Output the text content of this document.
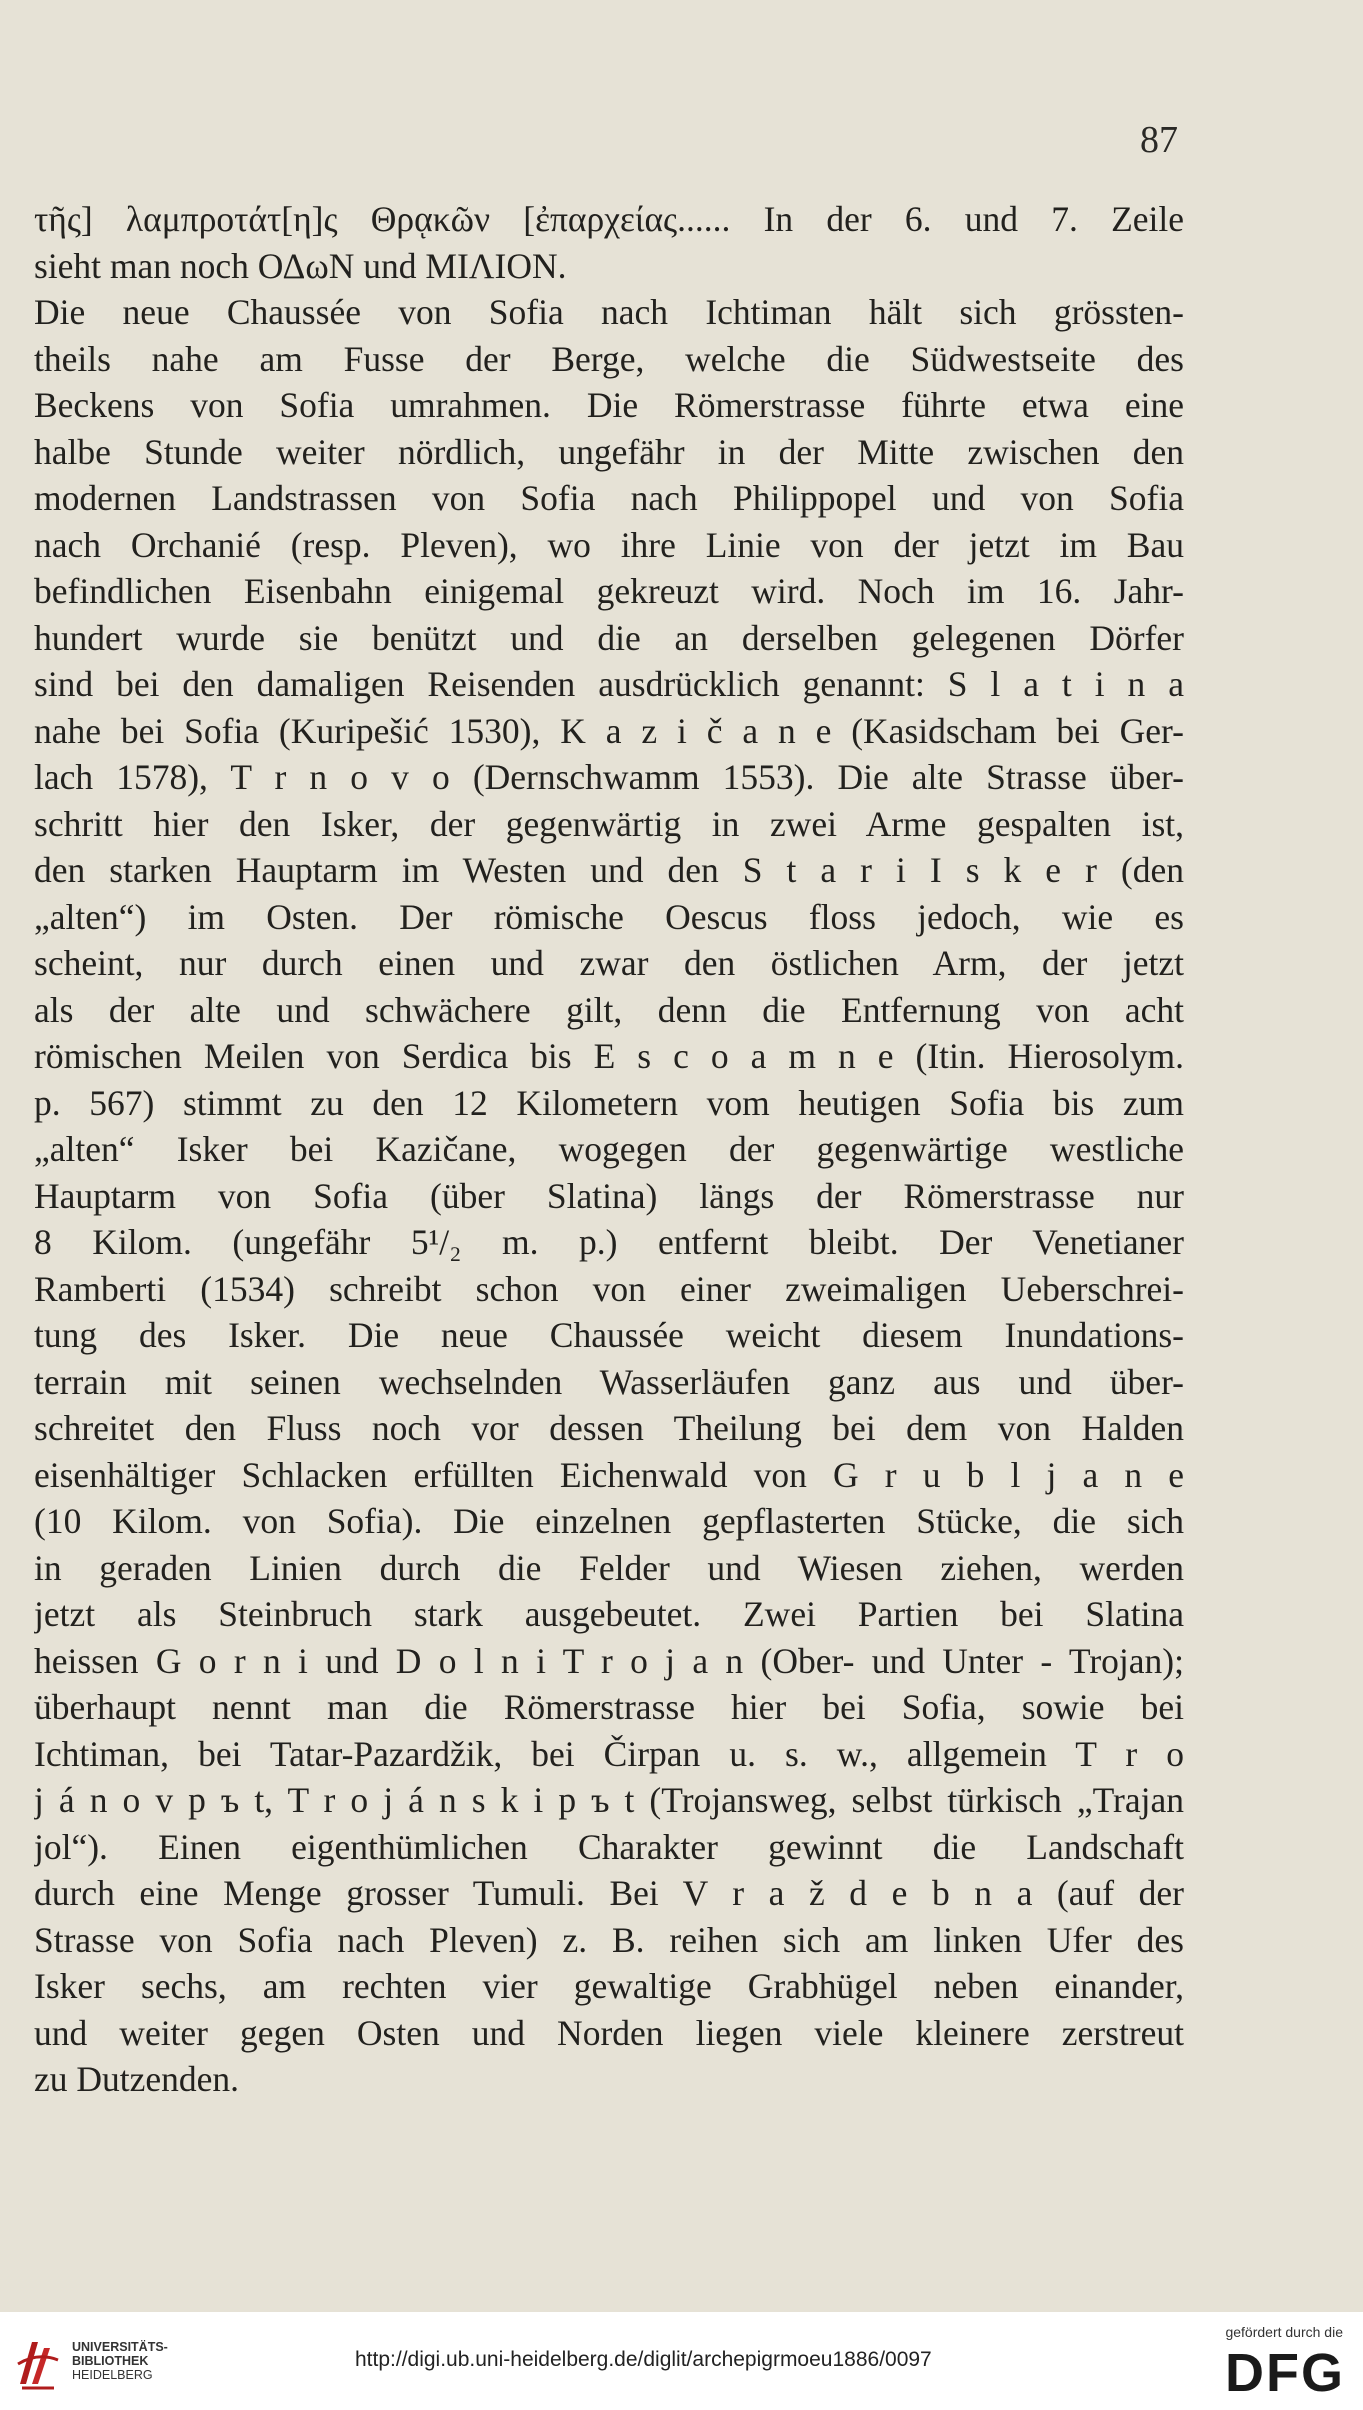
87
τῆς] λαμπροτάτ[η]ς Θρᾳκῶν [ἐπαρχείας...... In der 6. und 7. Zeile
sieht man noch ΟΔωΝ und ΜΙΛΙΟΝ.
Die neue Chaussée von Sofia nach Ichtiman hält sich grössten-
theils nahe am Fusse der Berge, welche die Südwestseite des
Beckens von Sofia umrahmen. Die Römerstrasse führte etwa eine
halbe Stunde weiter nördlich, ungefähr in der Mitte zwischen den
modernen Landstrassen von Sofia nach Philippopel und von Sofia
nach Orchanié (resp. Pleven), wo ihre Linie von der jetzt im Bau
befindlichen Eisenbahn einigemal gekreuzt wird. Noch im 16. Jahr-
hundert wurde sie benützt und die an derselben gelegenen Dörfer
sind bei den damaligen Reisenden ausdrücklich genannt: S l a t i n a
nahe bei Sofia (Kuripešić 1530), K a z i č a n e (Kasidscham bei Ger-
lach 1578), T r n o v o (Dernschwamm 1553). Die alte Strasse über-
schritt hier den Isker, der gegenwärtig in zwei Arme gespalten ist,
den starken Hauptarm im Westen und den S t a r i I s k e r (den
„alten“) im Osten. Der römische Oescus floss jedoch, wie es
scheint, nur durch einen und zwar den östlichen Arm, der jetzt
als der alte und schwächere gilt, denn die Entfernung von acht
römischen Meilen von Serdica bis E s c o a m n e (Itin. Hierosolym.
p. 567) stimmt zu den 12 Kilometern vom heutigen Sofia bis zum
„alten“ Isker bei Kazičane, wogegen der gegenwärtige westliche
Hauptarm von Sofia (über Slatina) längs der Römerstrasse nur
8 Kilom. (ungefähr 5¹/₂ m. p.) entfernt bleibt. Der Venetianer
Ramberti (1534) schreibt schon von einer zweimaligen Ueberschrei-
tung des Isker. Die neue Chaussée weicht diesem Inundations-
terrain mit seinen wechselnden Wasserläufen ganz aus und über-
schreitet den Fluss noch vor dessen Theilung bei dem von Halden
eisenhältiger Schlacken erfüllten Eichenwald von G r u b l j a n e
(10 Kilom. von Sofia). Die einzelnen gepflasterten Stücke, die sich
in geraden Linien durch die Felder und Wiesen ziehen, werden
jetzt als Steinbruch stark ausgebeutet. Zwei Partien bei Slatina
heissen G o r n i und D o l n i T r o j a n (Ober- und Unter - Trojan);
überhaupt nennt man die Römerstrasse hier bei Sofia, sowie bei
Ichtiman, bei Tatar-Pazardžik, bei Čirpan u. s. w., allgemein T r o
j á n o v p ъ t, T r o j á n s k i p ъ t (Trojansweg, selbst türkisch „Trajan
jol“). Einen eigenthümlichen Charakter gewinnt die Landschaft
durch eine Menge grosser Tumuli. Bei V r a ž d e b n a (auf der
Strasse von Sofia nach Pleven) z. B. reihen sich am linken Ufer des
Isker sechs, am rechten vier gewaltige Grabhügel neben einander,
und weiter gegen Osten und Norden liegen viele kleinere zerstreut
zu Dutzenden.
UNIVERSITÄTS-
BIBLIOTHEK
HEIDELBERG
http://digi.ub.uni-heidelberg.de/diglit/archepigrmoeu1886/0097
gefördert durch die
DFG
